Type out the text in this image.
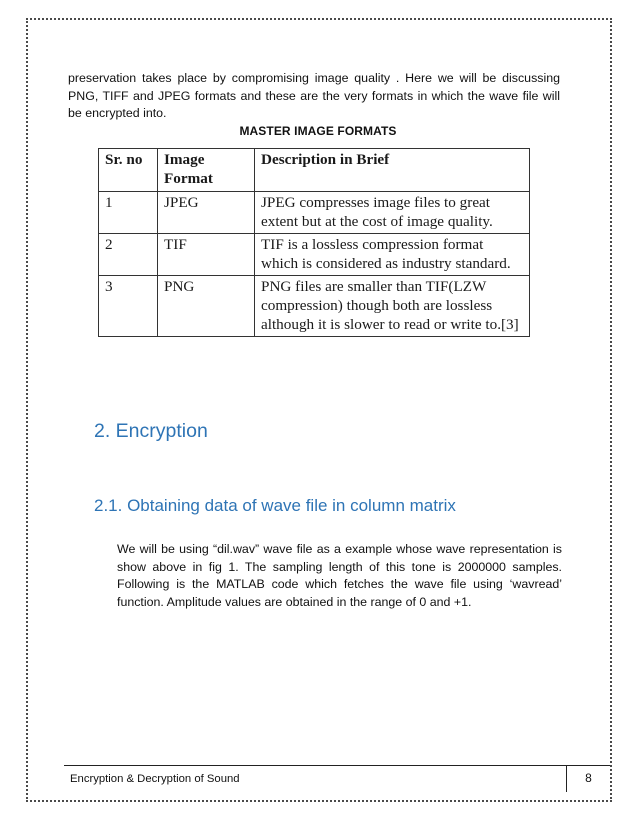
preservation takes place by compromising image quality . Here we will be discussing PNG, TIFF and JPEG formats and these are the very formats in which the wave file will be encrypted into.

MASTER IMAGE FORMATS
Sr. no	Image Format	Description in Brief
1	JPEG	JPEG compresses image files to great extent but at the cost of image quality.
2	TIF	TIF is a lossless compression format which is considered as industry standard.
3	PNG	PNG files are smaller than TIF(LZW compression) though both are lossless although it is slower to read or write to.[3]
2. Encryption
2.1. Obtaining data of wave file in column matrix

We will be using “dil.wav” wave file as a example whose wave representation is show above in fig 1. The sampling length of this tone is 2000000 samples. Following is the MATLAB code which fetches the wave file using ‘wavread’ function. Amplitude values are obtained in the range of 0 and +1.

Encryption & Decryption of Sound	8
